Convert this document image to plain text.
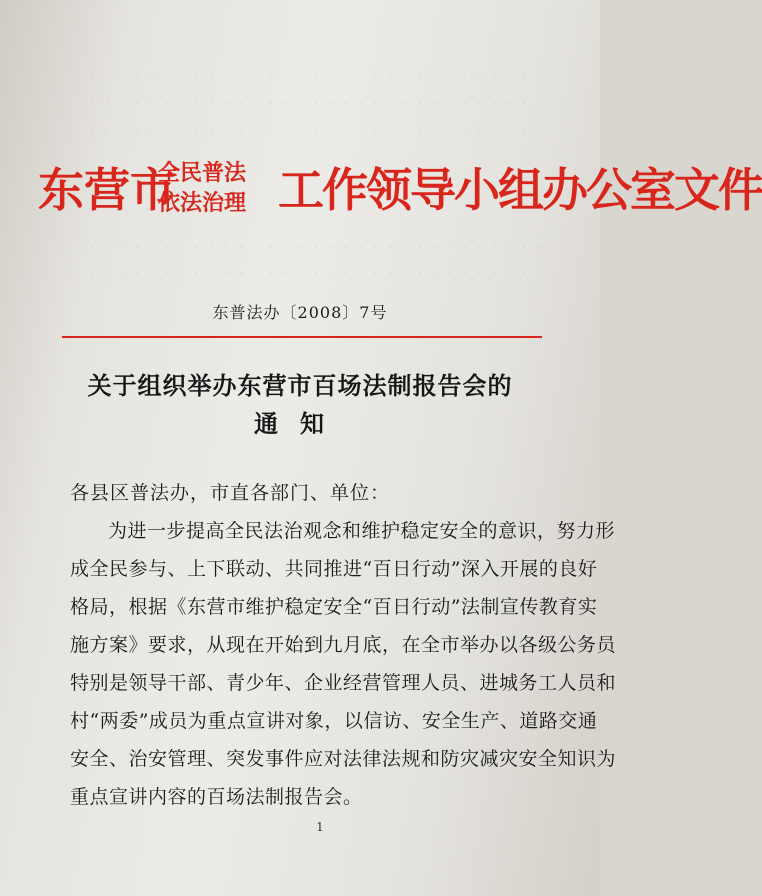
· · · · · · · · · · · · · · · · · · · · · · · · · · · · · · ·
· · · · · · · · · · · · · · · · · · · · · · · · · · · · · · ·
· · · · · · · · · · · · · · · · · · · · · · · · · · · · · · ·
· · · · · · · · · · · · · · · · · · · · · · · · · · · · · · ·
· · · · · · · · · · · · · · · · · · · · · · · · · · · · · · ·
东营市
全民普法
依法治理 工作领导小组办公室文件
东普法办〔2008〕7号
关于组织举办东营市百场法制报告会的
通知
各县区普法办，市直各部门、单位：
为进一步提高全民法治观念和维护稳定安全的意识，努力形
成全民参与、上下联动、共同推进“百日行动”深入开展的良好
格局，根据《东营市维护稳定安全“百日行动”法制宣传教育实
施方案》要求，从现在开始到九月底，在全市举办以各级公务员
特别是领导干部、青少年、企业经营管理人员、进城务工人员和
村“两委”成员为重点宣讲对象，以信访、安全生产、道路交通
安全、治安管理、突发事件应对法律法规和防灾减灾安全知识为
重点宣讲内容的百场法制报告会。
1
